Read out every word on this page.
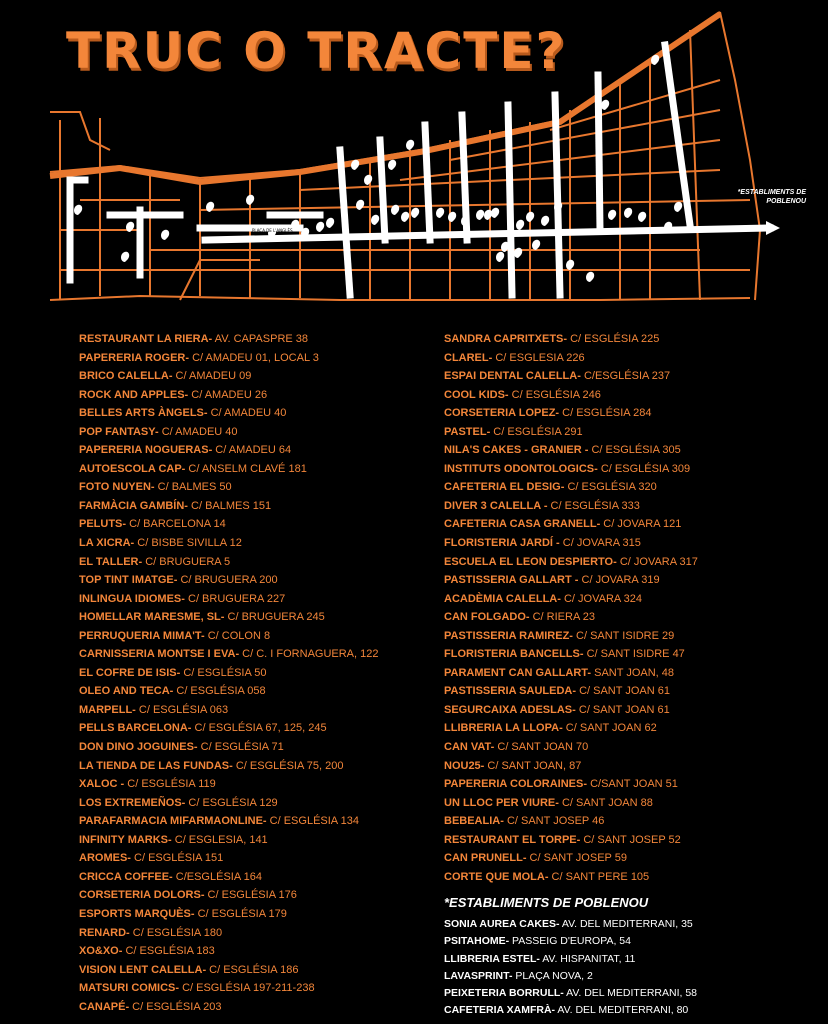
TRUC O TRACTE?
PLAÇA DE L'ANGLÈS
*ESTABLIMENTS DE POBLENOU
RESTAURANT LA RIERA- AV. CAPASPRE 38
PAPERERIA ROGER- C/ AMADEU 01, LOCAL 3
BRICO CALELLA- C/ AMADEU 09
ROCK AND APPLES- C/ AMADEU 26
BELLES ARTS ÀNGELS- C/ AMADEU 40
POP FANTASY- C/ AMADEU 40
PAPERERIA NOGUERAS- C/ AMADEU 64
AUTOESCOLA CAP- C/ ANSELM CLAVÉ 181
FOTO NUYEN- C/ BALMES 50
FARMÀCIA GAMBÍN- C/ BALMES 151
PELUTS- C/ BARCELONA 14
LA XICRA- C/ BISBE SIVILLA 12
EL TALLER- C/ BRUGUERA 5
TOP TINT IMATGE- C/ BRUGUERA 200
INLINGUA IDIOMES- C/ BRUGUERA 227
HOMELLAR MARESME, SL- C/ BRUGUERA 245
PERRUQUERIA MIMA'T- C/ COLON 8
CARNISSERIA MONTSE I EVA- C/ C. I FORNAGUERA, 122
EL COFRE DE ISIS- C/ ESGLÉSIA 50
OLEO AND TECA- C/ ESGLÉSIA 058
MARPELL- C/ ESGLÉSIA 063
PELLS BARCELONA- C/ ESGLÉSIA 67, 125, 245
DON DINO JOGUINES- C/ ESGLÉSIA 71
LA TIENDA DE LAS FUNDAS- C/ ESGLÉSIA 75, 200
XALOC - C/ ESGLÉSIA 119
LOS EXTREMEÑOS- C/ ESGLÉSIA 129
PARAFARMACIA MIFARMAONLINE- C/ ESGLÉSIA 134
INFINITY MARKS- C/ ESGLESIA, 141
AROMES- C/ ESGLÉSIA 151
CRICCA COFFEE- C/ESGLÉSIA 164
CORSETERIA DOLORS- C/ ESGLÉSIA 176
ESPORTS MARQUÈS- C/ ESGLÉSIA 179
RENARD- C/ ESGLÉSIA 180
XO&XO- C/ ESGLÉSIA 183
VISION LENT CALELLA- C/ ESGLÉSIA 186
MATSURI COMICS- C/ ESGLÉSIA 197-211-238
CANAPÉ- C/ ESGLÉSIA 203
SANDRA CAPRITXETS- C/ ESGLÉSIA 225
CLAREL- C/ ESGLESIA 226
ESPAI DENTAL CALELLA- C/ESGLÉSIA 237
COOL KIDS- C/ ESGLÉSIA 246
CORSETERIA LOPEZ- C/ ESGLÉSIA 284
PASTEL- C/ ESGLÉSIA 291
NILA'S CAKES - GRANIER - C/ ESGLÉSIA 305
INSTITUTS ODONTOLOGICS- C/ ESGLÉSIA 309
CAFETERIA EL DESIG- C/ ESGLÉSIA 320
DIVER 3 CALELLA - C/ ESGLÉSIA 333
CAFETERIA CASA GRANELL- C/ JOVARA 121
FLORISTERIA JARDÍ - C/ JOVARA 315
ESCUELA EL LEON DESPIERTO- C/ JOVARA 317
PASTISSERIA GALLART - C/ JOVARA 319
ACADÈMIA CALELLA- C/ JOVARA 324
CAN FOLGADO- C/ RIERA 23
PASTISSERIA RAMIREZ- C/ SANT ISIDRE 29
FLORISTERIA BANCELLS- C/ SANT ISIDRE 47
PARAMENT CAN GALLART- SANT JOAN, 48
PASTISSERIA SAULEDA- C/ SANT JOAN 61
SEGURCAIXA ADESLAS- C/ SANT JOAN 61
LLIBRERIA LA LLOPA- C/ SANT JOAN 62
CAN VAT- C/ SANT JOAN 70
NOU25- C/ SANT JOAN, 87
PAPERERIA COLORAINES- C/SANT JOAN 51
UN LLOC PER VIURE- C/ SANT JOAN 88
BEBEALIA- C/ SANT JOSEP 46
RESTAURANT EL TORPE- C/ SANT JOSEP 52
CAN PRUNELL- C/ SANT JOSEP 59
CORTE QUE MOLA- C/ SANT PERE 105
*ESTABLIMENTS DE POBLENOU
SONIA AUREA CAKES- AV. DEL MEDITERRANI, 35
PSITAHOME- PASSEIG D'EUROPA, 54
LLIBRERIA ESTEL- AV. HISPANITAT, 11
LAVASPRINT- PLAÇA NOVA, 2
PEIXETERIA BORRULL- AV. DEL MEDITERRANI, 58
CAFETERIA XAMFRÀ- AV. DEL MEDITERRANI, 80
